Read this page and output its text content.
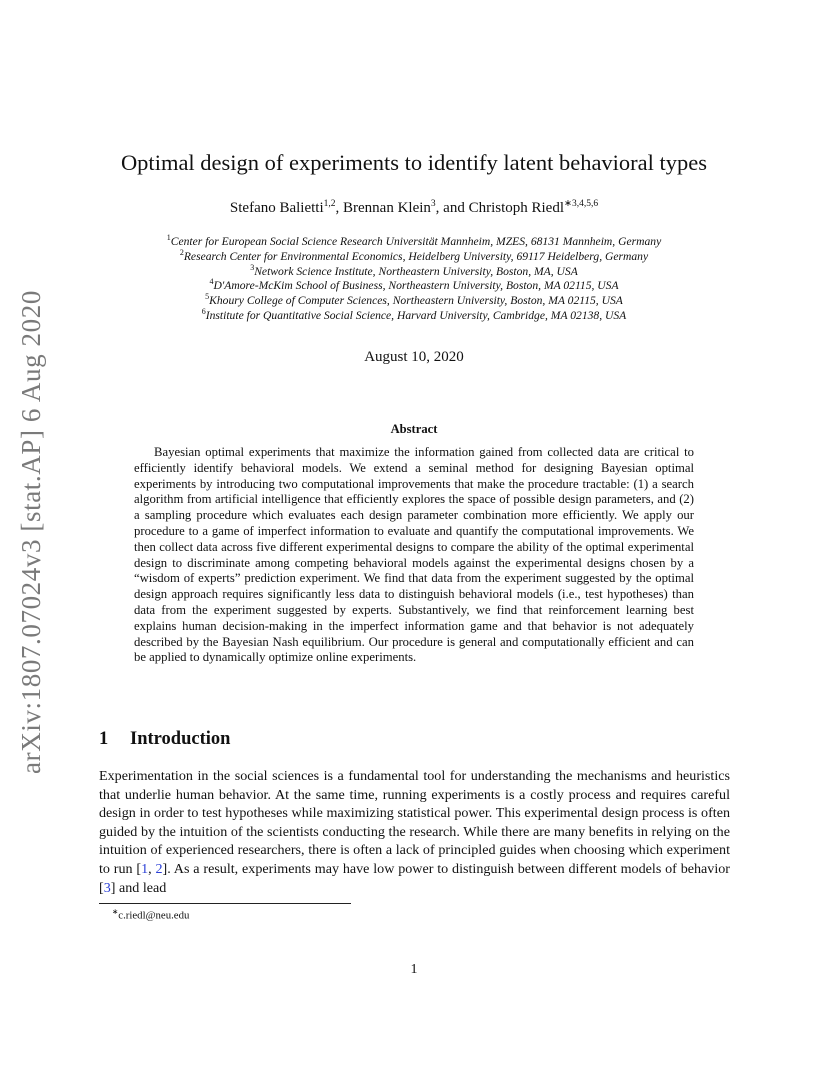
arXiv:1807.07024v3 [stat.AP] 6 Aug 2020
Optimal design of experiments to identify latent behavioral types
Stefano Balietti$^{1,2}$, Brennan Klein$^3$, and Christoph Riedl$^{∗3,4,5,6}$
$^1$Center for European Social Science Research Universität Mannheim, MZES, 68131 Mannheim, Germany
$^2$Research Center for Environmental Economics, Heidelberg University, 69117 Heidelberg, Germany
$^3$Network Science Institute, Northeastern University, Boston, MA, USA
$^4$D'Amore-McKim School of Business, Northeastern University, Boston, MA 02115, USA
$^5$Khoury College of Computer Sciences, Northeastern University, Boston, MA 02115, USA
$^6$Institute for Quantitative Social Science, Harvard University, Cambridge, MA 02138, USA
August 10, 2020
Abstract

Bayesian optimal experiments that maximize the information gained from collected data are critical to efficiently identify behavioral models. We extend a seminal method for designing Bayesian optimal experiments by introducing two computational improvements that make the procedure tractable: (1) a search algorithm from artificial intelligence that efficiently explores the space of possible design parameters, and (2) a sampling procedure which evaluates each design parameter combination more efficiently. We apply our procedure to a game of imperfect information to evaluate and quantify the computational improvements. We then collect data across five different experimental designs to compare the ability of the optimal experimental design to discriminate among competing behavioral models against the experimental designs chosen by a “wisdom of experts” prediction experiment. We find that data from the experiment suggested by the optimal design approach requires significantly less data to distinguish behavioral models (i.e., test hypotheses) than data from the experiment suggested by experts. Substantively, we find that reinforcement learning best explains human decision-making in the imperfect information game and that behavior is not adequately described by the Bayesian Nash equilibrium. Our procedure is general and computationally efficient and can be applied to dynamically optimize online experiments.

1 Introduction

Experimentation in the social sciences is a fundamental tool for understanding the mechanisms and heuristics that underlie human behavior. At the same time, running experiments is a costly process and requires careful design in order to test hypotheses while maximizing statistical power. This experimental design process is often guided by the intuition of the scientists conducting the research. While there are many benefits in relying on the intuition of experienced researchers, there is often a lack of principled guides when choosing which experiment to run [1, 2]. As a result, experiments may have low power to distinguish between different models of behavior [3] and lead

∗c.riedl@neu.edu
1
